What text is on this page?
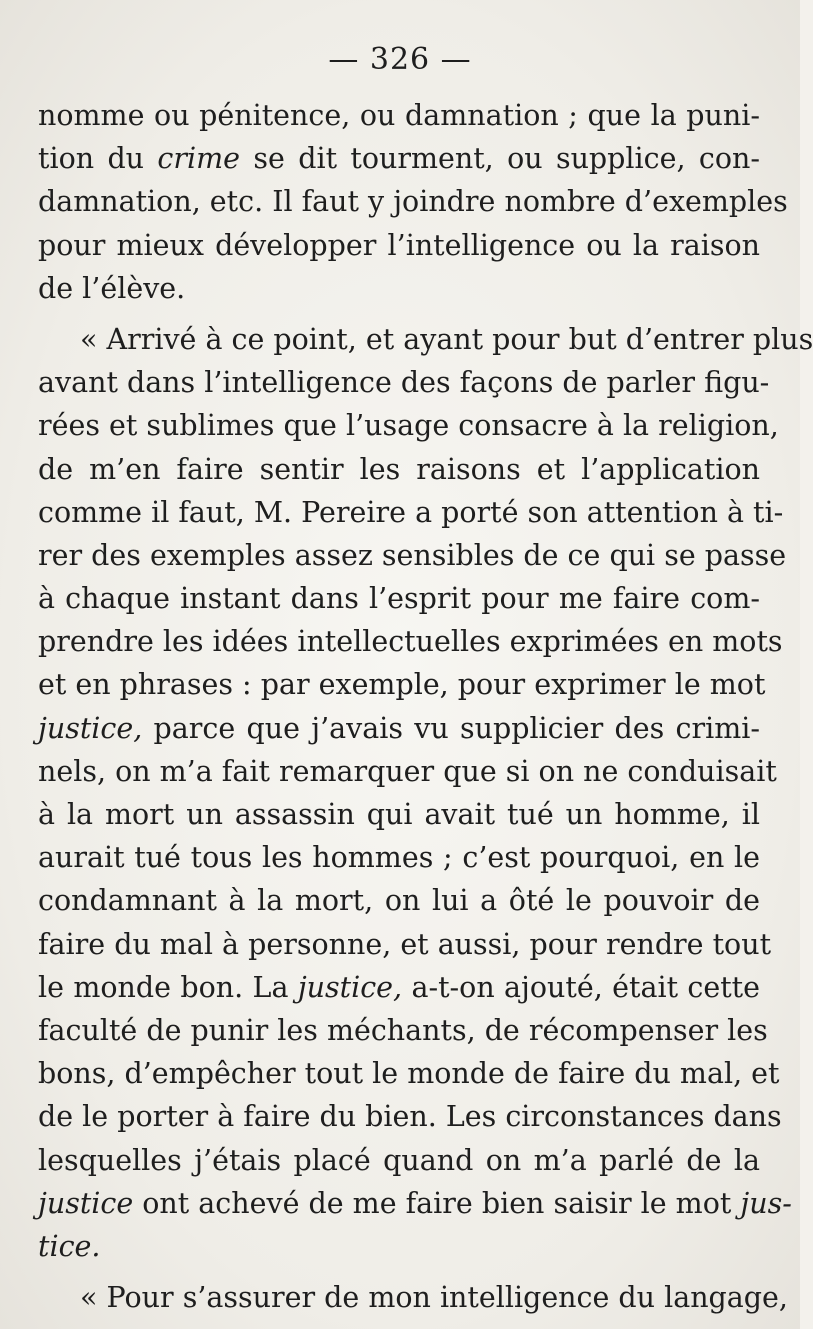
— 326 —
nomme ou pénitence, ou damnation ; que la puni-
tion du crime se dit tourment, ou supplice, con-
damnation, etc. Il faut y joindre nombre d’exemples
pour mieux développer l’intelligence ou la raison
de l’élève.
« Arrivé à ce point, et ayant pour but d’entrer plus
avant dans l’intelligence des façons de parler figu-
rées et sublimes que l’usage consacre à la religion,
de m’en faire sentir les raisons et l’application
comme il faut, M. Pereire a porté son attention à ti-
rer des exemples assez sensibles de ce qui se passe
à chaque instant dans l’esprit pour me faire com-
prendre les idées intellectuelles exprimées en mots
et en phrases : par exemple, pour exprimer le mot
justice, parce que j’avais vu supplicier des crimi-
nels, on m’a fait remarquer que si on ne conduisait
à la mort un assassin qui avait tué un homme, il
aurait tué tous les hommes ; c’est pourquoi, en le
condamnant à la mort, on lui a ôté le pouvoir de
faire du mal à personne, et aussi, pour rendre tout
le monde bon. La justice, a-t-on ajouté, était cette
faculté de punir les méchants, de récompenser les
bons, d’empêcher tout le monde de faire du mal, et
de le porter à faire du bien. Les circonstances dans
lesquelles j’étais placé quand on m’a parlé de la
justice ont achevé de me faire bien saisir le mot jus-
tice.
« Pour s’assurer de mon intelligence du langage,
